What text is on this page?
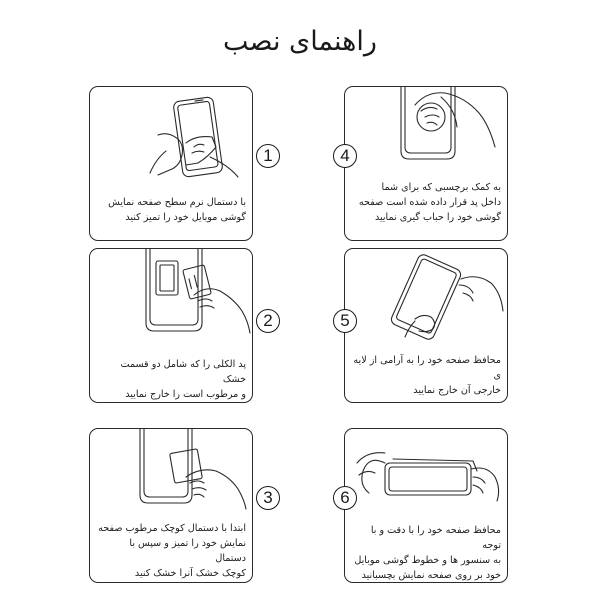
راهنمای نصب
با دستمال نرم سطح صفحه نمایش
گوشی موبایل خود را تمیز کنید
1
به کمک برچسبی که برای شما
داخل پد قرار داده شده است صفحه
گوشی خود را حباب گیری نمایید
4
پد الکلی را که شامل دو قسمت خشک
و مرطوب است را خارج نمایید
2
محافظ صفحه خود را به آرامی از لایه ی
خارجی آن خارج نمایید
5
ابتدا با دستمال کوچک مرطوب صفحه
نمایش خود را تمیز و سپس با دستمال
کوچک خشک آنرا خشک کنید
3
محافظ صفحه خود را با دقت و با توجه
به سنسور ها و خطوط گوشی موبایل
خود بر روی صفحه نمایش بچسبانید
6
